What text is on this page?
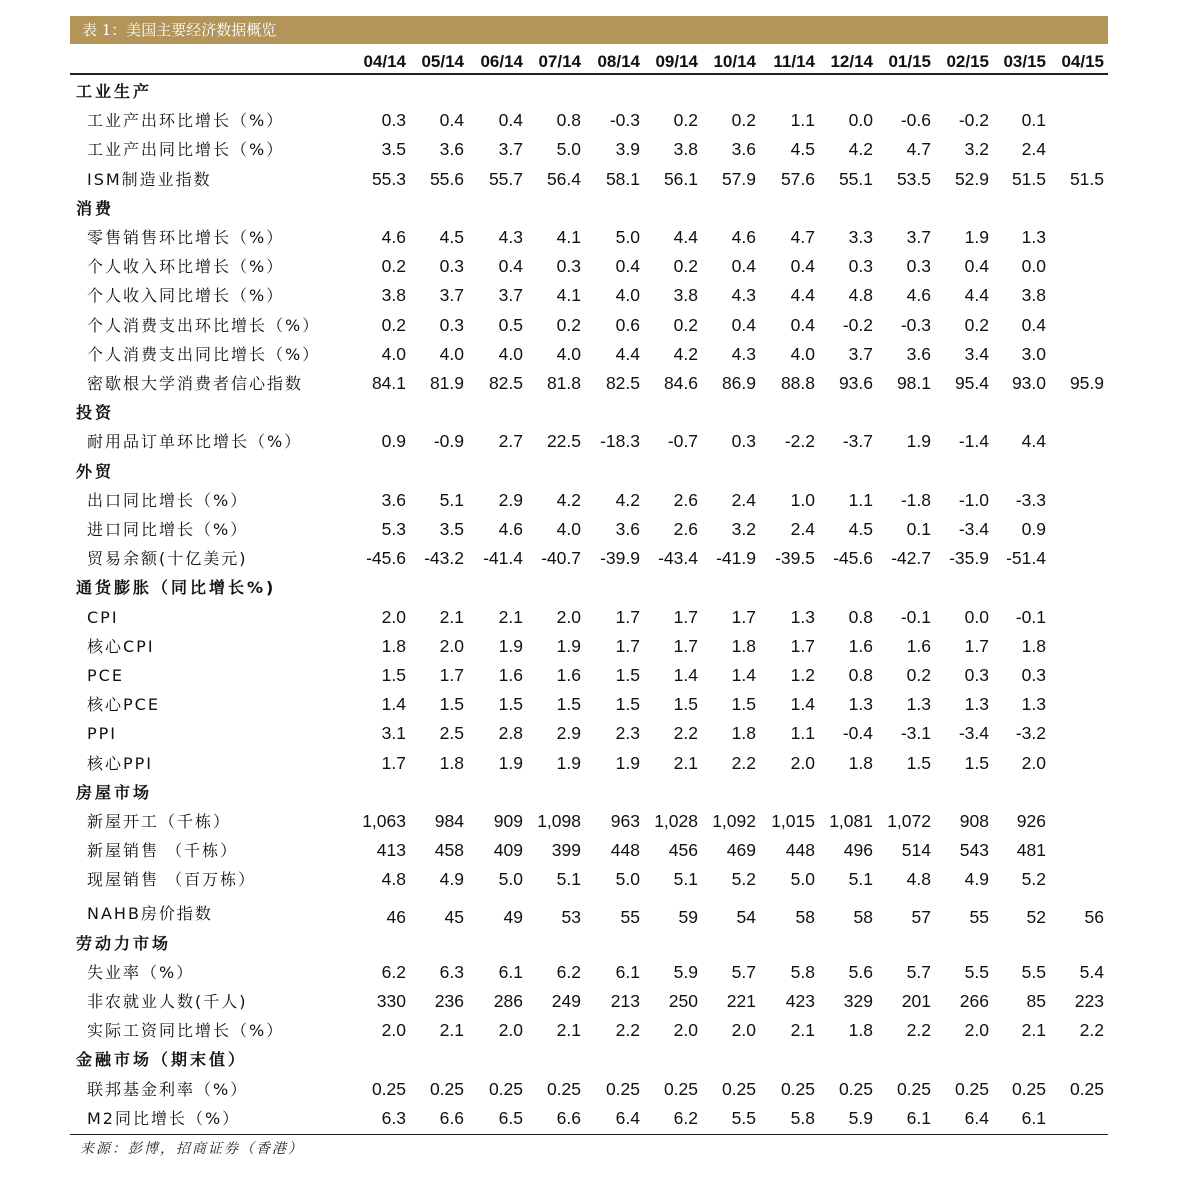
表 1：美国主要经济数据概览
04/14 05/14 06/14 07/14 08/14 09/14 10/14	11/14 12/14 01/15 02/15 03/15 04/15
工业生产
工业产出环比增长（%）	0.3	0.4	0.4	0.8	-0.3	0.2	0.2	1.1	0.0	-0.6	-0.2	0.1
工业产出同比增长（%）	3.5	3.6	3.7	5.0	3.9	3.8	3.6	4.5	4.2	4.7	3.2	2.4
ISM制造业指数	55.3	55.6	55.7	56.4	58.1	56.1	57.9	57.6	55.1	53.5	52.9	51.5	51.5
消费
零售销售环比增长（%）	4.6	4.5	4.3	4.1	5.0	4.4	4.6	4.7	3.3	3.7	1.9	1.3
个人收入环比增长（%）	0.2	0.3	0.4	0.3	0.4	0.2	0.4	0.4	0.3	0.3	0.4	0.0
个人收入同比增长（%）	3.8	3.7	3.7	4.1	4.0	3.8	4.3	4.4	4.8	4.6	4.4	3.8
个人消费支出环比增长（%）	0.2	0.3	0.5	0.2	0.6	0.2	0.4	0.4	-0.2	-0.3	0.2	0.4
个人消费支出同比增长（%）	4.0	4.0	4.0	4.0	4.4	4.2	4.3	4.0	3.7	3.6	3.4	3.0
密歇根大学消费者信心指数	84.1	81.9	82.5	81.8	82.5	84.6	86.9	88.8	93.6	98.1	95.4	93.0	95.9
投资
耐用品订单环比增长（%）	0.9	-0.9	2.7	22.5	-18.3	-0.7	0.3	-2.2	-3.7	1.9	-1.4	4.4
外贸
出口同比增长（%）	3.6	5.1	2.9	4.2	4.2	2.6	2.4	1.0	1.1	-1.8	-1.0	-3.3
进口同比增长（%）	5.3	3.5	4.6	4.0	3.6	2.6	3.2	2.4	4.5	0.1	-3.4	0.9
贸易余额(十亿美元)	-45.6	-43.2	-41.4	-40.7	-39.9	-43.4	-41.9	-39.5	-45.6	-42.7	-35.9 -51.4
通货膨胀（同比增长%)
CPI	2.0	2.1	2.1	2.0	1.7	1.7	1.7	1.3	0.8	-0.1	0.0	-0.1
核心CPI	1.8	2.0	1.9	1.9	1.7	1.7	1.8	1.7	1.6	1.6	1.7	1.8
PCE	1.5	1.7	1.6	1.6	1.5	1.4	1.4	1.2	0.8	0.2	0.3	0.3
核心PCE	1.4	1.5	1.5	1.5	1.5	1.5	1.5	1.4	1.3	1.3	1.3	1.3
PPI	3.1	2.5	2.8	2.9	2.3	2.2	1.8	1.1	-0.4	-3.1	-3.4	-3.2
核心PPI	1.7	1.8	1.9	1.9	1.9	2.1	2.2	2.0	1.8	1.5	1.5	2.0
房屋市场
新屋开工（千栋）	1,063	984	909 1,098	963 1,028 1,092 1,015 1,081 1,072	908	926
新屋销售 （千栋）	413	458	409	399	448	456	469	448	496	514	543	481
现屋销售 （百万栋）	4.8	4.9	5.0	5.1	5.0	5.1	5.2	5.0	5.1	4.8	4.9	5.2
NAHB房价指数	46	45	49	53	55	59	54	58	58	57	55	52	56
劳动力市场
失业率（%）	6.2	6.3	6.1	6.2	6.1	5.9	5.7	5.8	5.6	5.7	5.5	5.5	5.4
非农就业人数(千人)	330	236	286	249	213	250	221	423	329	201	266	85	223
实际工资同比增长（%）	2.0	2.1	2.0	2.1	2.2	2.0	2.0	2.1	1.8	2.2	2.0	2.1	2.2
金融市场（期末值）
联邦基金利率（%）	0.25	0.25	0.25	0.25	0.25	0.25	0.25	0.25	0.25	0.25	0.25	0.25	0.25
M2同比增长（%）	6.3	6.6	6.5	6.6	6.4	6.2	5.5	5.8	5.9	6.1	6.4	6.1
来源：彭博，招商证券（香港）
